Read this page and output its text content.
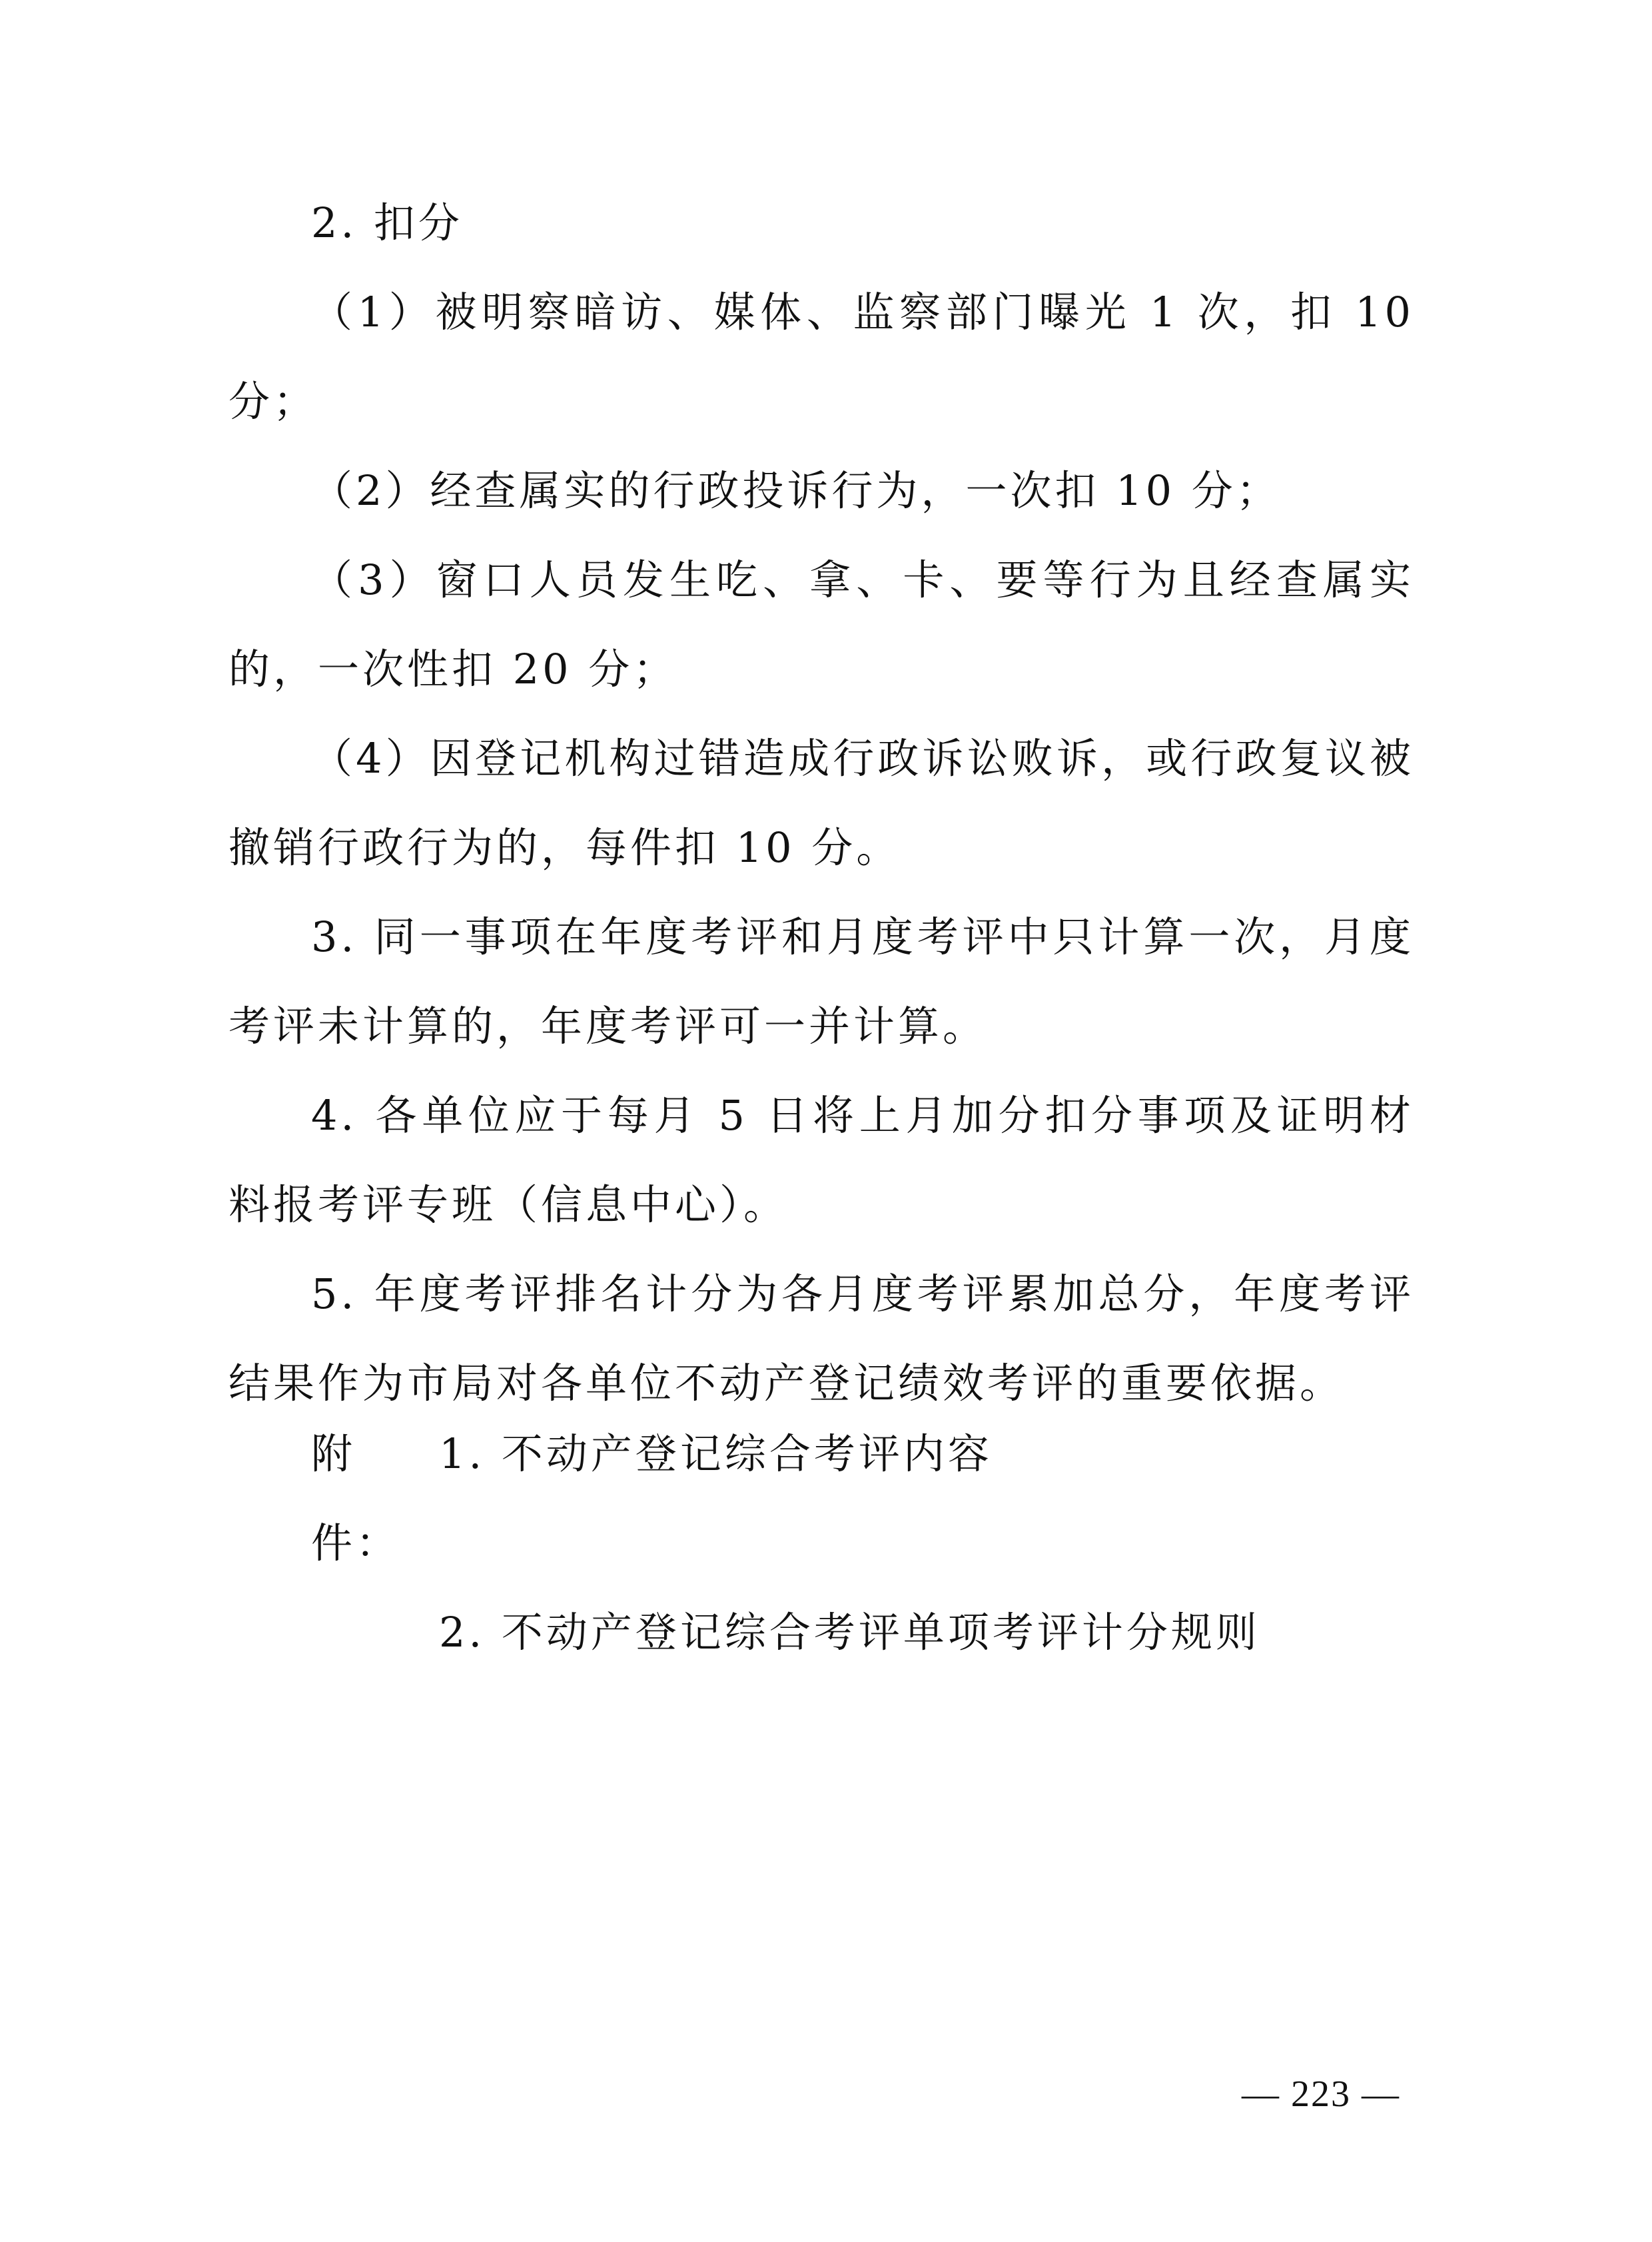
2. 扣分

（1）被明察暗访、媒体、监察部门曝光 1 次，扣 10 分；

（2）经查属实的行政投诉行为，一次扣 10 分；

（3）窗口人员发生吃、拿、卡、要等行为且经查属实的，一次性扣 20 分；

（4）因登记机构过错造成行政诉讼败诉，或行政复议被撤销行政行为的，每件扣 10 分。

3. 同一事项在年度考评和月度考评中只计算一次，月度考评未计算的，年度考评可一并计算。

4. 各单位应于每月 5 日将上月加分扣分事项及证明材料报考评专班（信息中心）。

5. 年度考评排名计分为各月度考评累加总分，年度考评结果作为市局对各单位不动产登记绩效考评的重要依据。

附件：
1. 不动产登记综合考评内容
2. 不动产登记综合考评单项考评计分规则
— 223 —
